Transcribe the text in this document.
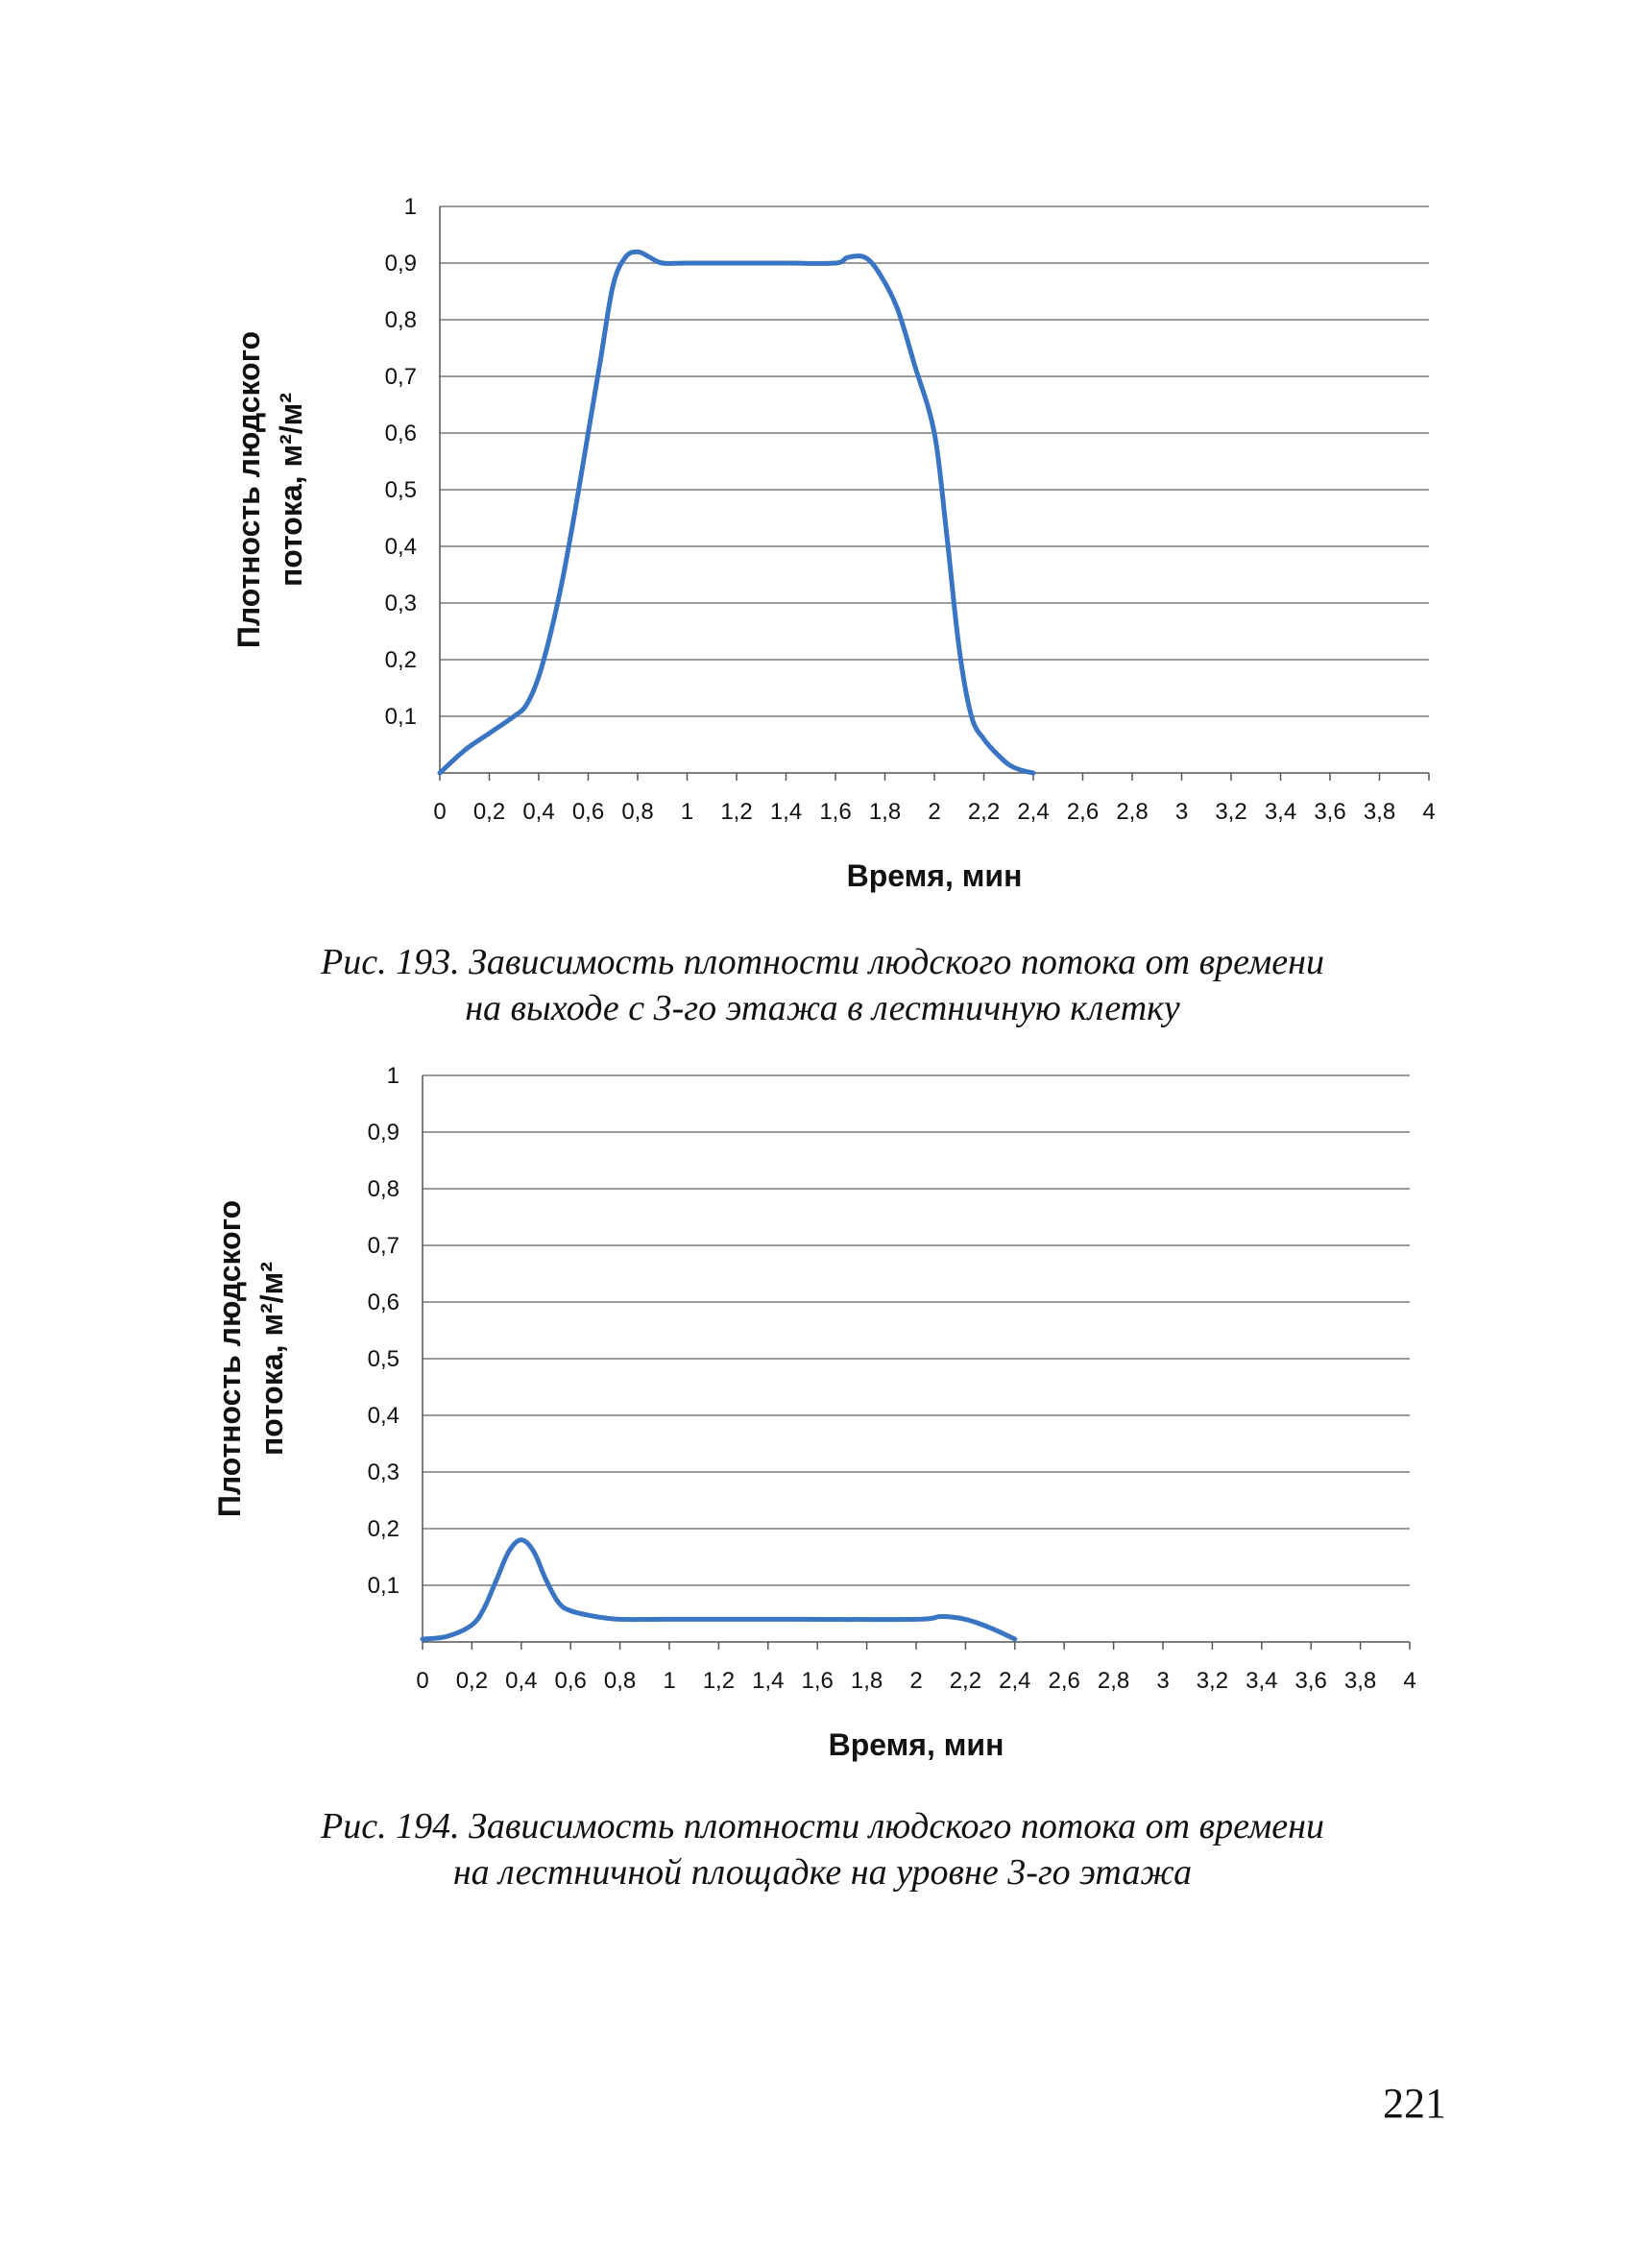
0,1
0,2
0,3
0,4
0,5
0,6
0,7
0,8
0,9
1
0 0,2 0,4 0,6 0,8 1 1,2 1,4 1,6 1,8 2 2,2 2,4 2,6 2,8 3 3,2 3,4 3,6 3,8 4
Время, мин
Плотность людского потока, м²/м²
Рис. 193. Зависимость плотности людского потока от времени
на выходе с 3-го этажа в лестничную клетку
0,1
0,2
0,3
0,4
0,5
0,6
0,7
0,8
0,9
1
0 0,2 0,4 0,6 0,8 1 1,2 1,4 1,6 1,8 2 2,2 2,4 2,6 2,8 3 3,2 3,4 3,6 3,8 4
Время, мин
Плотность людского потока, м²/м²
Рис. 194. Зависимость плотности людского потока от времени
на лестничной площадке на уровне 3-го этажа
221
